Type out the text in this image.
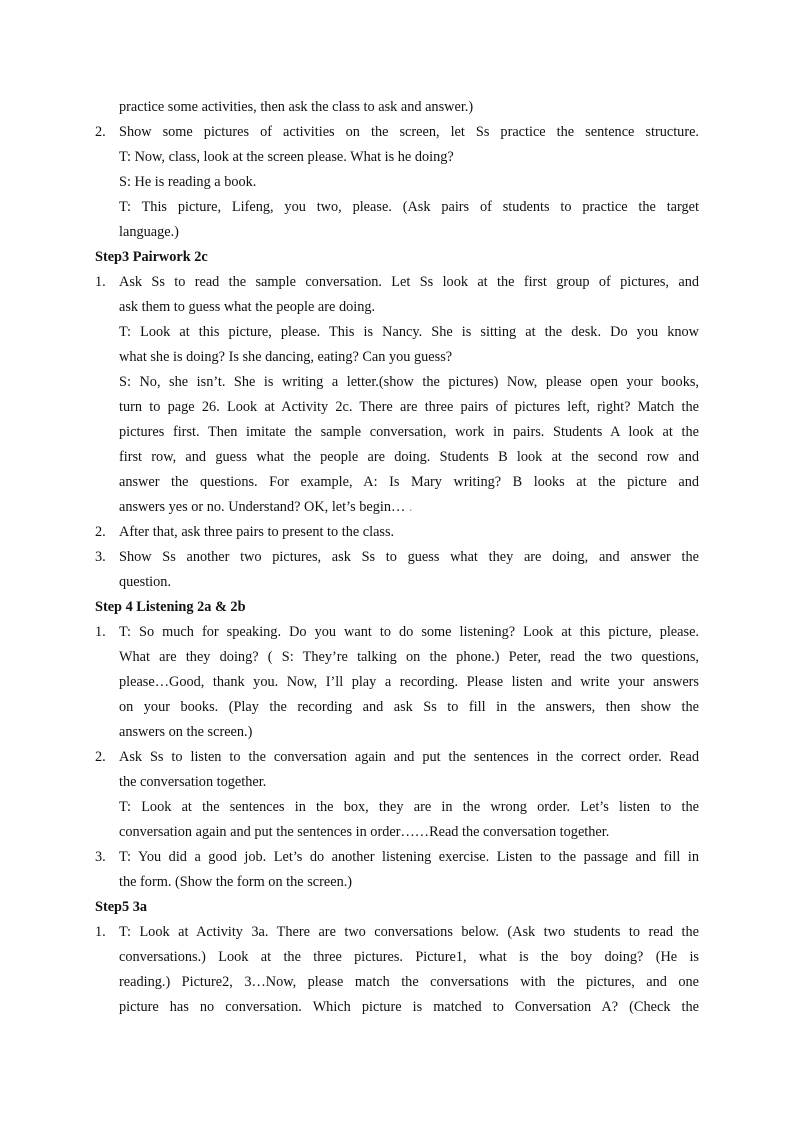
practice some activities, then ask the class to ask and answer.)
2. Show some pictures of activities on the screen, let Ss practice the sentence structure.
T: Now, class, look at the screen please. What is he doing?
S: He is reading a book.
T: This picture, Lifeng, you two, please. (Ask pairs of students to practice the target
language.)
Step3 Pairwork 2c
1. Ask Ss to read the sample conversation. Let Ss look at the first group of pictures, and
ask them to guess what the people are doing.
T: Look at this picture, please. This is Nancy. She is sitting at the desk. Do you know
what she is doing? Is she dancing, eating? Can you guess?
S: No, she isn’t. She is writing a letter.(show the pictures) Now, please open your books,
turn to page 26. Look at Activity 2c. There are three pairs of pictures left, right? Match the
pictures first. Then imitate the sample conversation, work in pairs. Students A look at the
first row, and guess what the people are doing. Students B look at the second row and
answer the questions. For example, A: Is Mary writing? B looks at the picture and
answers yes or no. Understand? OK, let’s begin… .
2. After that, ask three pairs to present to the class.
3. Show Ss another two pictures, ask Ss to guess what they are doing, and answer the
question.
Step 4 Listening 2a & 2b
1. T: So much for speaking. Do you want to do some listening? Look at this picture, please.
What are they doing? ( S: They’re talking on the phone.) Peter, read the two questions,
please…Good, thank you. Now, I’ll play a recording. Please listen and write your answers
on your books. (Play the recording and ask Ss to fill in the answers, then show the
answers on the screen.)
2. Ask Ss to listen to the conversation again and put the sentences in the correct order. Read
the conversation together.
T: Look at the sentences in the box, they are in the wrong order. Let’s listen to the
conversation again and put the sentences in order……Read the conversation together.
3. T: You did a good job. Let’s do another listening exercise. Listen to the passage and fill in
the form. (Show the form on the screen.)
Step5 3a
1. T: Look at Activity 3a. There are two conversations below. (Ask two students to read the
conversations.) Look at the three pictures. Picture1, what is the boy doing? (He is
reading.) Picture2, 3…Now, please match the conversations with the pictures, and one
picture has no conversation. Which picture is matched to Conversation A? (Check the
